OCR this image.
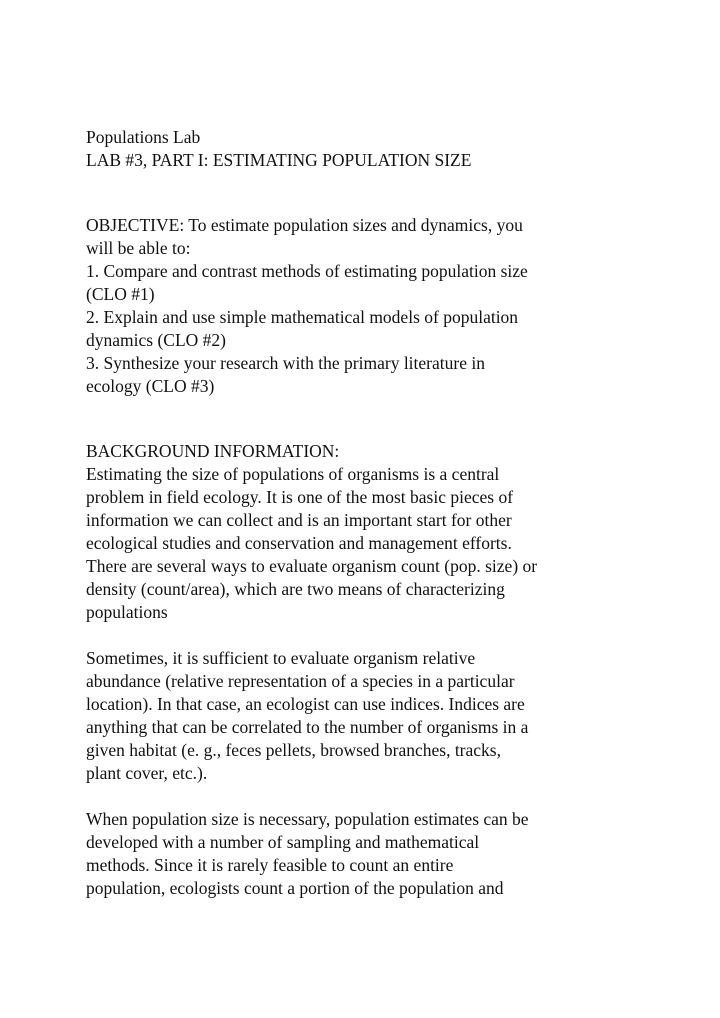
Populations Lab
LAB #3, PART I: ESTIMATING POPULATION SIZE
OBJECTIVE: To estimate population sizes and dynamics, you
will be able to:
1. Compare and contrast methods of estimating population size
(CLO #1)
2. Explain and use simple mathematical models of population
dynamics (CLO #2)
3. Synthesize your research with the primary literature in
ecology (CLO #3)
BACKGROUND INFORMATION:
Estimating the size of populations of organisms is a central
problem in field ecology. It is one of the most basic pieces of
information we can collect and is an important start for other
ecological studies and conservation and management efforts.
There are several ways to evaluate organism count (pop. size) or
density (count/area), which are two means of characterizing
populations
Sometimes, it is sufficient to evaluate organism relative
abundance (relative representation of a species in a particular
location). In that case, an ecologist can use indices. Indices are
anything that can be correlated to the number of organisms in a
given habitat (e. g., feces pellets, browsed branches, tracks,
plant cover, etc.).
When population size is necessary, population estimates can be
developed with a number of sampling and mathematical
methods. Since it is rarely feasible to count an entire
population, ecologists count a portion of the population and
